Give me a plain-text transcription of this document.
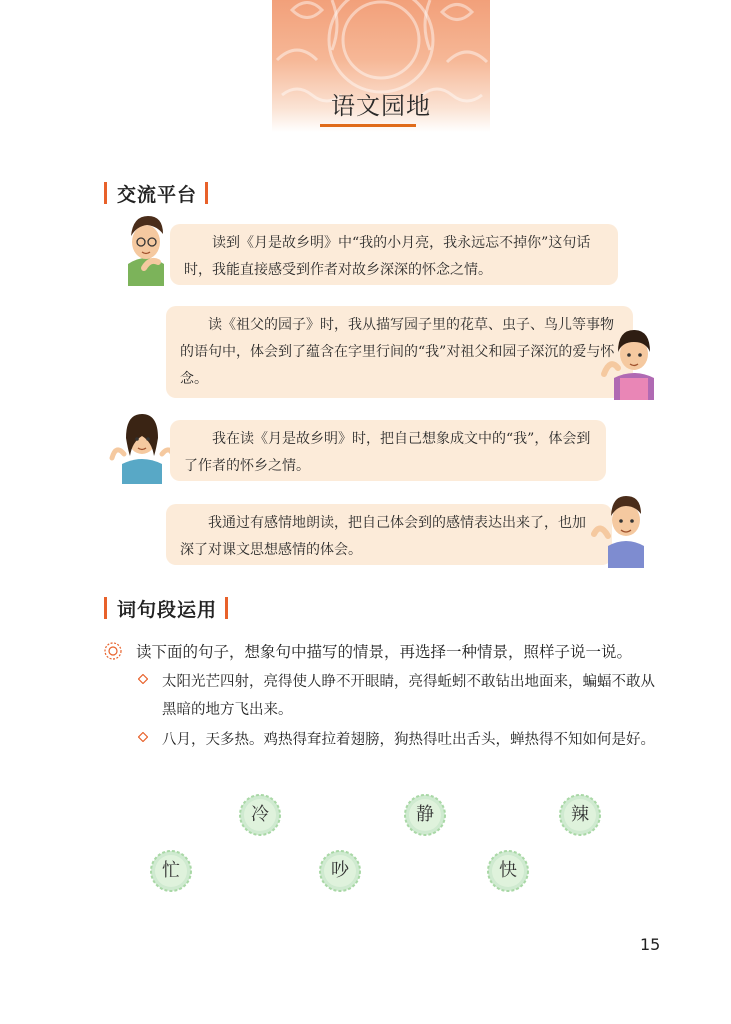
语文园地
交流平台

读到《月是故乡明》中“我的小月亮，我永远忘不掉你”这句话时，我能直接感受到作者对故乡深深的怀念之情。

读《祖父的园子》时，我从描写园子里的花草、虫子、鸟儿等事物的语句中，体会到了蕴含在字里行间的“我”对祖父和园子深沉的爱与怀念。

我在读《月是故乡明》时，把自己想象成文中的“我”，体会到了作者的怀乡之情。

我通过有感情地朗读，把自己体会到的感情表达出来了，也加深了对课文思想感情的体会。

词句段运用
读下面的句子，想象句中描写的情景，再选择一种情景，照样子说一说。
太阳光芒四射，亮得使人睁不开眼睛，亮得蚯蚓不敢钻出地面来，蝙蝠不敢从黑暗的地方飞出来。
八月，天多热。鸡热得耷拉着翅膀，狗热得吐出舌头，蝉热得不知如何是好。
冷	静	辣
忙	吵	快
15
